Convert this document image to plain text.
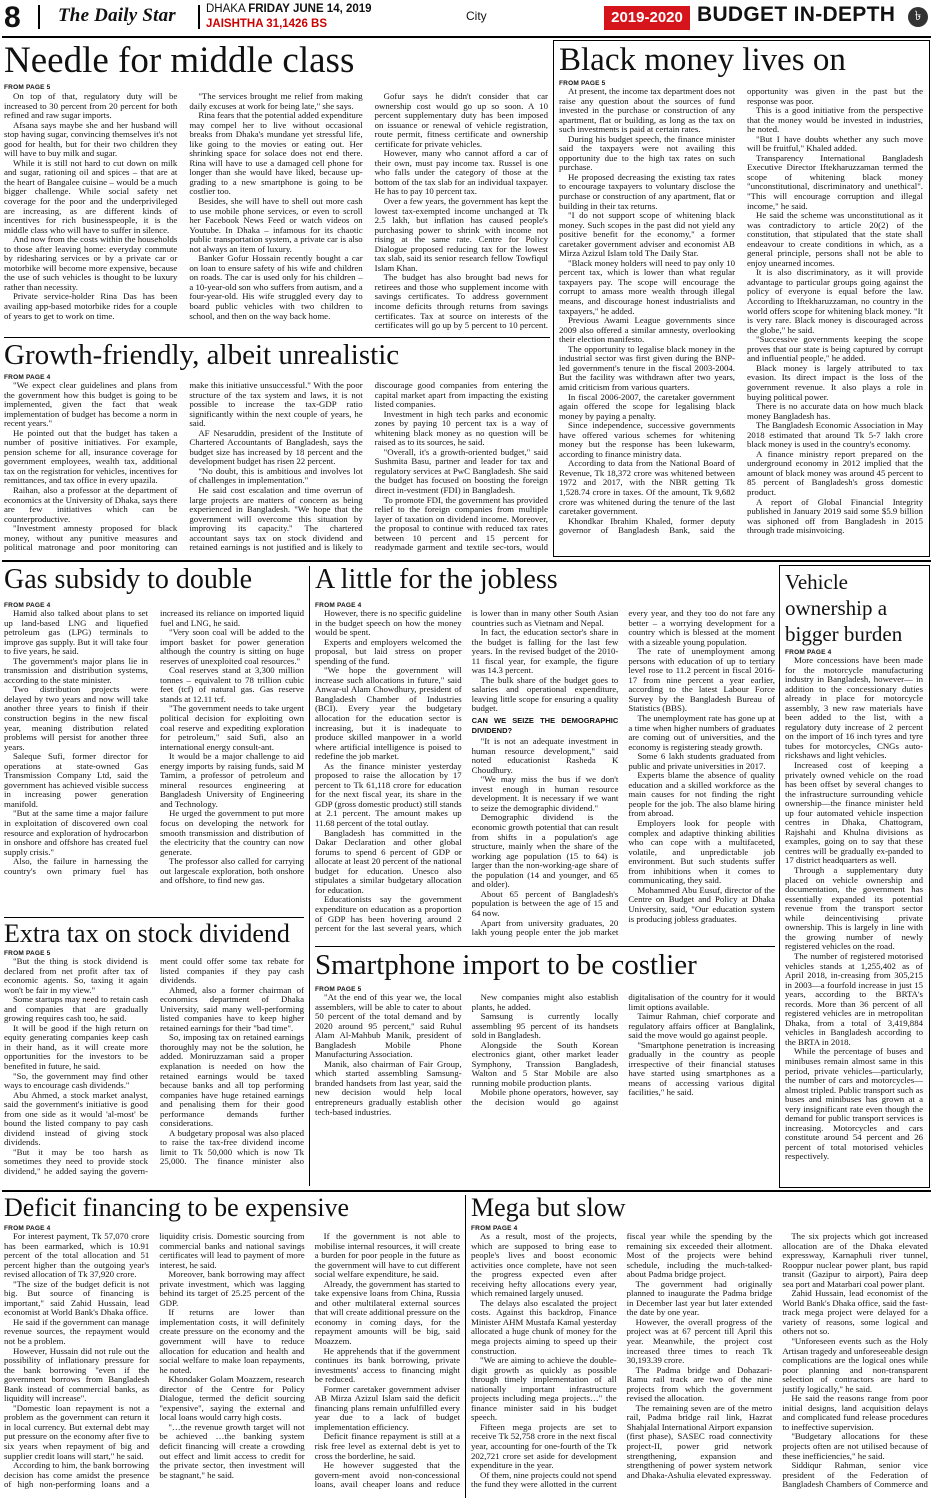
8 The Daily Star	DHAKA FRIDAY JUNE 14, 2019
JAISHTHA 31,1426 BS
City	2019-2020 BUDGET IN-DEPTH	৳
Needle for middle class
FROM PAGE 5

On top of that, regulatory duty will be increased to 30 percent from 20 percent for both refined and raw sugar imports.

Afsana says maybe she and her husband will stop having sugar, convincing themselves it's not good for health, but for their two children they will have to buy milk and sugar.

While it is still not hard to cut down on milk and sugar, rationing oil and spices – that are at the heart of Bangalee cuisine – would be a much bigger challenge. While social safety net coverage for the poor and the underprivileged are increasing, as are different kinds of incentives for rich businesspeople, it is the middle class who will have to suffer in silence.

And now from the costs within the households to those after leaving home: everyday commute by ridesharing services or by a private car or motorbike will become more expensive, because the use of such vehicles is thought to be luxury rather than necessity.

Private service-holder Rina Das has been availing app-based motorbike rides for a couple of years to get to work on time.

"The services brought me relief from making daily excuses at work for being late," she says.

Rina fears that the potential added expenditure may compel her to live without occasional breaks from Dhaka's mundane yet stressful life, like going to the movies or eating out. Her shrinking space for solace does not end there. Rina will have to use a damaged cell phone for longer than she would have liked, because up-grading to a new smartphone is going to be costlier too.

Besides, she will have to shell out more cash to use mobile phone services, or even to scroll her Facebook News Feed or watch videos on Youtube. In Dhaka – infamous for its chaotic public transportation system, a private car is also not always an item of luxury.

Banker Gofur Hossain recently bought a car on loan to ensure safety of his wife and children on roads. The car is used only for his children – a 10-year-old son who suffers from autism, and a four-year-old. His wife struggled every day to board public vehicles with two children to school, and then on the way back home.

Gofur says he didn't consider that car ownership cost would go up so soon. A 10 percent supplementary duty has been imposed on issuance or renewal of vehicle registration, route permit, fitness certificate and ownership certificate for private vehicles.

However, many who cannot afford a car of their own, must pay income tax. Russel is one who falls under the category of those at the bottom of the tax slab for an individual taxpayer. He has to pay 10 percent tax.

Over a few years, the government has kept the lowest tax-exempted income unchanged at Tk 2.5 lakh, but inflation has caused people's purchasing power to shrink with income not rising at the same rate. Centre for Policy Dialogue proposed reducing tax for the lowest tax slab, said its senior research fellow Towfiqul Islam Khan.

The budget has also brought bad news for retirees and those who supplement income with savings certificates. To address government income deficits through returns from savings certificates. Tax at source on interests of the certificates will go up by 5 percent to 10 percent.

Growth-friendly, albeit unrealistic
FROM PAGE 4

"We expect clear guidelines and plans from the government how this budget is going to be implemented, given the fact that weak implementation of budget has become a norm in recent years."

He pointed out that the budget has taken a number of positive initiatives. For example, pension scheme for all, insurance coverage for government employees, wealth tax, additional tax on the registration for vehicles, incentives for remittances, and tax office in every upazila.

Raihan, also a professor at the department of economics at the University of Dhaka, says there are few initiatives which can be counterproductive.

"Investment amnesty proposed for black money, without any punitive measures and political matronage and poor monitoring can make this initiative unsuccessful." With the poor structure of the tax system and laws, it is not possible to increase the tax-GDP ratio significantly within the next couple of years, he said.

AF Nesaruddin, president of the Institute of Chartered Accountants of Bangladesh, says the budget size has increased by 18 percent and the development budget has risen 22 percent.

"No doubt, this is ambitious and involves lot of challenges in implementation."

He said cost escalation and time overrun of large projects are matters of concern as being experienced in Bangladesh. "We hope that the government will overcome this situation by improving its capacity." The chartered accountant says tax on stock dividend and retained earnings is not justified and is likely to discourage good companies from entering the capital market apart from impacting the existing listed companies.

Investment in high tech parks and economic zones by paying 10 percent tax is a way of whitening black money as no question will be raised as to its sources, he said.

"Overall, it's a growth-oriented budget," said Sushmita Basu, partner and leader for tax and regulatory services at PwC Bangladesh. She said the budget has focused on boosting the foreign direct in-vestment (FDI) in Bangladesh.

To promote FDI, the government has provided relief to the foreign companies from multiple layer of taxation on dividend income. Moreover, the proposal to continue with reduced tax rates between 10 percent and 15 percent for readymade garment and textile sec-tors, would

Black money lives on
FROM PAGE 5

At present, the income tax department does not raise any question about the sources of fund invested in the purchase or construction of any apartment, flat or building, as long as the tax on such investments is paid at certain rates.

During his budget speech, the finance minister said the taxpayers were not availing this opportunity due to the high tax rates on such purchase.

He proposed decreasing the existing tax rates to encourage taxpayers to voluntary disclose the purchase or construction of any apartment, flat or building in their tax returns.

"I do not support scope of whitening black money. Such scopes in the past did not yield any positive benefit for the economy," a former caretaker government adviser and economist AB Mirza Azizul Islam told The Daily Star.

"Black money holders will need to pay only 10 percent tax, which is lower than what regular taxpayers pay. The scope will encourage the corrupt to amass more wealth through illegal means, and discourage honest industrialists and taxpayers," he added.

Previous Awami League governments since 2009 also offered a similar amnesty, overlooking their election manifesto.

The opportunity to legalise black money in the industrial sector was first given during the BNP-led government's tenure in the fiscal 2003-2004. But the facility was withdrawn after two years, amid criticism from various quarters.

In fiscal 2006-2007, the caretaker government again offered the scope for legalising black money by paying a penalty.

Since independence, successive governments have offered various schemes for whitening money but the response has been lukewarm, according to finance ministry data.

According to data from the National Board of Revenue, Tk 18,372 crore was whitened between 1972 and 2017, with the NBR getting Tk 1,528.74 crore in taxes. Of the amount, Tk 9,682 crore was whitened during the tenure of the last caretaker government.

Khondkar Ibrahim Khaled, former deputy governor of Bangladesh Bank, said the opportunity was given in the past but the response was poor.

This is a good initiative from the perspective that the money would be invested in industries, he noted.

"But I have doubts whether any such move will be fruitful," Khaled added.

Transparency International Bangladesh Executive Director Iftekharuzzaman termed the scope of whitening black money "unconstitutional, discriminatory and unethical". "This will encourage corruption and illegal income," he said.

He said the scheme was unconstitutional as it was contradictory to article 20(2) of the constitution, that stipulated that the state shall endeavour to create conditions in which, as a general principle, persons shall not be able to enjoy unearned incomes.

It is also discriminatory, as it will provide advantage to particular groups going against the policy of everyone is equal before the law. According to Iftekharuzzaman, no country in the world offers scope for whitening black money. "It is very rare. Black money is discouraged across the globe," he said.

"Successive governments keeping the scope proves that our state is being captured by corrupt and influential people," he added.

Black money is largely attributed to tax evasion. Its direct impact is the loss of the government revenue. It also plays a role in buying political power.

There is no accurate data on how much black money Bangladesh has.

The Bangladesh Economic Association in May 2018 estimated that around Tk 5-7 lakh crore black money is used in the country's economy.

A finance ministry report prepared on the underground economy in 2012 implied that the amount of black money was around 45 percent to 85 percent of Bangladesh's gross domestic product.

A report of Global Financial Integrity published in January 2019 said some $5.9 billion was siphoned off from Bangladesh in 2015 through trade misinvoicing.

Gas subsidy to double
FROM PAGE 4

Hamid also talked about plans to set up land-based LNG and liquefied petroleum gas (LPG) terminals to improve gas supply. But it will take four to five years, he said.

The government's major plans lie in transmission and distribution systems, according to the state minister.

Two distribution projects were delayed by two years and now will take another three years to finish if their construction begins in the new fiscal year, meaning distribution related problems will persist for another three years.

Saleque Sufi, former director for operations at state-owned Gas Transmission Company Ltd, said the government has achieved visible success in increasing power generation manifold.

"But at the same time a major failure in exploitation of discovered own coal resource and exploration of hydrocarbon in onshore and offshore has created fuel supply crisis."

Also, the failure in harnessing the country's own primary fuel has increased its reliance on imported liquid fuel and LNG, he said.

"Very soon coal will be added to the import basket for power generation although the country is sitting on huge reserves of unexploited coal resources."

Coal reserves stand at 3,300 million tonnes – equivalent to 78 trillion cubic feet (tcf) of natural gas. Gas reserve stands at 12.11 tcf.

"The government needs to take urgent political decision for exploiting own coal reserve and expediting exploration for petroleum," said Sufi, also an international energy consult-ant.

It would be a major challenge to aid energy imports by raising funds, said M Tamim, a professor of petroleum and mineral resources engineering at Bangladesh University of Engineering and Technology.

He urged the government to put more focus on developing the network for smooth transmission and distribution of the electricity that the country can now generate.

The professor also called for carrying out largescale exploration, both onshore and offshore, to find new gas.

Extra tax on stock dividend
FROM PAGE 5

"But the thing is stock dividend is declared from net profit after tax of economic agents. So, taxing it again won't be fair in my view."

Some startups may need to retain cash and companies that are gradually growing requires cash too, he said.

It will be good if the high return on equity generating companies keep cash in their hand, as it will create more opportunities for the investors to be benefited in future, he said.

"So, the government may find other ways to encourage cash dividends."

Abu Ahmed, a stock market analyst, said the government's initiative is good from one side as it would 'al-most' be bound the listed company to pay cash dividend instead of giving stock dividends.

"But it may be too harsh as sometimes they need to provide stock dividend," he added saying the govern-ment could offer some tax rebate for listed companies if they pay cash dividends.

Ahmed, also a former chairman of economics department of Dhaka University, said many well-performing listed companies have to keep higher retained earnings for their "bad time".

So, imposing tax on retained earnings thoroughly may not be the solution, he added. Moniruzzaman said a proper explanation is needed on how the retained earnings would be taxed because banks and all top performing companies have huge retained earnings and penalising them for their good performance demands further considerations.

A budgetary proposal was also placed to raise the tax-free dividend income limit to Tk 50,000 which is now Tk 25,000. The finance minister also

A little for the jobless
FROM PAGE 4

However, there is no specific guideline in the budget speech on how the money would be spent.

Experts and employers welcomed the proposal, but laid stress on proper spending of the fund.

"We hope the government will increase such allocations in future," said Anwar-ul Alam Chowdhury, president of Bangladesh Chamber of Industries (BCI). Every year the budgetary allocation for the education sector is increasing, but it is inadequate to produce skilled manpower in a world where artificial intelligence is poised to redefine the job market.

As the finance minister yesterday proposed to raise the allocation by 17 percent to Tk 61,118 crore for education for the next fiscal year, its share in the GDP (gross domestic product) still stands at 2.1 percent. The amount makes up 11.68 percent of the total outlay.

Bangladesh has committed in the Dakar Declaration and other global forums to spend 6 percent of GDP or allocate at least 20 percent of the national budget for education. Unesco also stipulates a similar budgetary allocation for education.

Educationists say the government expenditure on education as a proportion of GDP has been hovering around 2 percent for the last several years, which is lower than in many other South Asian countries such as Vietnam and Nepal.

In fact, the education sector's share in the budget is falling for the last few years. In the revised budget of the 2010-11 fiscal year, for example, the figure was 14.3 percent.

The bulk share of the budget goes to salaries and operational expenditure, leaving little scope for ensuring a quality budget.

CAN WE SEIZE THE DEMOGRAPHIC DIVIDEND?

"It is not an adequate investment in human resource development," said noted educationist Rasheda K Choudhury.

"We may miss the bus if we don't invest enough in human resource development. It is necessary if we want to seize the demographic dividend."

Demographic dividend is the economic growth potential that can result from shifts in a population's age structure, mainly when the share of the working age population (15 to 64) is larger than the non-working-age share of the population (14 and younger, and 65 and older).

About 65 percent of Bangladesh's population is between the age of 15 and 64 now.

Apart from university graduates, 20 lakh young people enter the job market every year, and they too do not fare any better – a worrying development for a country which is blessed at the moment with a sizeable young population.

The rate of unemployment among persons with education of up to tertiary level rose to 11.2 percent in fiscal 2016-17 from nine percent a year earlier, according to the latest Labour Force Survey by the Bangladesh Bureau of Statistics (BBS).

The unemployment rate has gone up at a time when higher numbers of graduates are coming out of universities, and the economy is registering steady growth.

Some 6 lakh students graduated from public and private universities in 2017.

Experts blame the absence of quality education and a skilled workforce as the main causes for not finding the right people for the job. The also blame hiring from abroad.

Employers look for people with complex and adaptive thinking abilities who can cope with a multifaceted, volatile, and unpredictable job environment. But such students suffer from inhibitions when it comes to communicating, they said.

Mohammed Abu Eusuf, director of the Centre on Budget and Policy at Dhaka University, said, "Our education system is producing jobless graduates.

Smartphone import to be costlier
FROM PAGE 5

"At the end of this year we, the local assemblers, will be able to cater to about 50 percent of the total demand and by 2020 around 95 percent," said Ruhul Alam Al-Mahbub Manik, president of Bangladesh Mobile Phone Manufacturing Association.

Manik, also chairman of Fair Group, which started assembling Samsung-branded handsets from last year, said the new decision would help local entrepreneurs gradually establish other tech-based industries.

New companies might also establish plants, he added.

Samsung is currently locally assembling 95 percent of its handsets sold in Bangladesh.

Alongside the South Korean electronics giant, other market leader Symphony, Transsion Bangladesh, Walton and 5 Star Mobile are also running mobile production plants.

Mobile phone operators, however, say the decision would go against digitalisation of the country for it would limit options available.

Taimur Rahman, chief corporate and regulatory affairs officer at Banglalink, said the move would go against people.

"Smartphone penetration is increasing gradually in the country as people irrespective of their financial statuses have started using smartphones as a means of accessing various digital facilities," he said.

Vehicle ownership a bigger burden
FROM PAGE 4

More concessions have been made for the motorcycle manufacturing industry in Bangladesh, however— in addition to the concessionary duties already in place for motorcycle assembly, 3 new raw materials have been added to the list, with a regulatory duty increase of 2 percent on the import of 16 inch tyres and tyre tubes for motorcycles, CNGs auto-rickshaws and light vehicles.

Increased cost of keeping a privately owned vehicle on the road has been offset by several changes to the infrastructure surrounding vehicle ownership—the finance minister held up four automated vehicle inspection centres in Dhaka, Chattogram, Rajshahi and Khulna divisions as examples, going on to say that these centres will be gradually ex-panded to 17 district headquarters as well.

Through a supplementary duty placed on vehicle ownership and documentation, the government has essentially expanded its potential revenue from the transport sector while deincentivising private ownership. This is largely in line with the growing number of newly registered vehicles on the road.

The number of registered motorised vehicles stands at 1,255,402 as of April 2018, in-creasing from 305,215 in 2003—a fourfold increase in just 15 years, according to the BRTA's records. More than 36 percent of all registered vehicles are in metropolitan Dhaka, from a total of 3,419,884 vehicles in Bangladesh according to the BRTA in 2018.

While the percentage of buses and minibuses remain almost same in this period, private vehicles—particularly, the number of cars and motorcycles—almost tripled. Public transport such as buses and minibuses has grown at a very insignificant rate even though the demand for public transport services is increasing. Motorcycles and cars constitute around 54 percent and 26 percent of total motorised vehicles respectively.

Deficit financing to be expensive
FROM PAGE 4

For interest payment, Tk 57,070 crore has been earmarked, which is 10.91 percent of the total allocation and 51 percent higher than the outgoing year's revised allocation of Tk 37,920 crore.

"The size of the budget deficit is not big. But source of financing is important," said Zahid Hussain, lead economist at World Bank's Dhaka office.

He said if the government can manage revenue sources, the repayment would not be a problem.

However, Hussain did not rule out the possibility of inflationary pressure for the bank borrowing "even if the government borrows from Bangladesh Bank instead of commercial banks, as liquidity will increase".

"Domestic loan repayment is not a problem as the government can return it in local currency. But external debt may put pressure on the economy after five to six years when repayment of big and supplier credit loans will start," he said.

According to him, the bank borrowing decision has come amidst the presence of high non-performing loans and a liquidity crisis. Domestic sourcing from commercial banks and national savings certificates will lead to payment of more interest, he said.

Moreover, bank borrowing may affect private investment, which was lagging behind its target of 25.25 percent of the GDP.

If returns are lower than implementation costs, it will definitely create pressure on the economy and the government will have to reduce allocation for education and health and social welfare to make loan repayments, he noted.

Khondaker Golam Moazzem, research director of the Centre for Policy Dialogue, termed the deficit sourcing "expensive", saying the external and local loans would carry high costs.

"…the revenue growth target will not be achieved …the banking system deficit financing will create a crowding out effect and limit access to credit for the private sector, then investment will be stagnant," he said.

If the government is not able to mobilise internal resources, it will create a burden for poor people in the future as the government will have to cut different social welfare expenditure, he said.

Already, the government has started to take expensive loans from China, Russia and other multilateral external sources that will create additional pressure on the economy in coming days, for the repayment amounts will be big, said Moazzem.

He apprehends that if the government continues its bank borrowing, private investments' access to financing might be reduced.

Former caretaker government adviser AB Mirza Azizul Islam said the deficit financing plans remain unfulfilled every year due to a lack of budget implementation efficiency.

Deficit finance repayment is still at a risk free level as external debt is yet to cross the borderline, he said.

He however suggested that the govern-ment avoid non-concessional loans, avail cheaper loans and reduce

Mega but slow
FROM PAGE 4

As a result, most of the projects, which are supposed to bring ease to people's lives and boost economic activities once complete, have not seen the progress expected even after receiving hefty allocations every year, which remained largely unused.

The delays also escalated the project costs. Against this backdrop, Finance Minister AHM Mustafa Kamal yesterday allocated a huge chunk of money for the mega projects aiming to speed up their construction.

"We are aiming to achieve the double-digit growth as quickly as possible through timely implementation of all nationally important infrastructure projects including mega projects…" the finance minister said in his budget speech.

Fifteen mega projects are set to receive Tk 52,758 crore in the next fiscal year, accounting for one-fourth of the Tk 202,721 crore set aside for development expenditure in the year.

Of them, nine projects could not spend the fund they were allotted in the current fiscal year while the spending by the remaining six exceeded their allotment. Most of the projects were behind schedule, including the much-talked-about Padma bridge project.

The government had originally planned to inaugurate the Padma bridge in December last year but later extended the date by one year.

However, the overall progress of the project was at 67 percent till April this year. Meanwhile, the project cost increased three times to reach Tk 30,193.39 crore.

The Padma bridge and Dohazari-Ramu rail track are two of the nine projects from which the government revised the allocation.

The remaining seven are of the metro rail, Padma bridge rail link, Hazrat Shahjalal International Airport expansion (first phase), SASEC road connectivity project-II, power grid network strengthening, expansion and strengthening of power system network and Dhaka-Ashulia elevated expressway.

The six projects which got increased allocation are of the Dhaka elevated expressway, Karnaphuli river tunnel, Rooppur nuclear power plant, bus rapid transit (Gazipur to airport), Paira deep sea port and Matarbari coal power plant.

Zahid Hussain, lead economist of the World Bank's Dhaka office, said the fast-track mega project were delayed for a variety of reasons, some logical and others not so.

"Unforeseen events such as the Holy Artisan tragedy and unforeseeable design complications are the logical ones while poor planning and non-transparent selection of contractors are hard to justify logically," he said.

He said the reasons range from poor initial designs, land acquisition delays and complicated fund release procedures to ineffective supervision.

"Budgetary allocations for these projects often are not utilised because of these inefficiencies," he said.

Siddiqur Rahman, senior vice president of the Federation of Bangladesh Chambers of Commerce and
